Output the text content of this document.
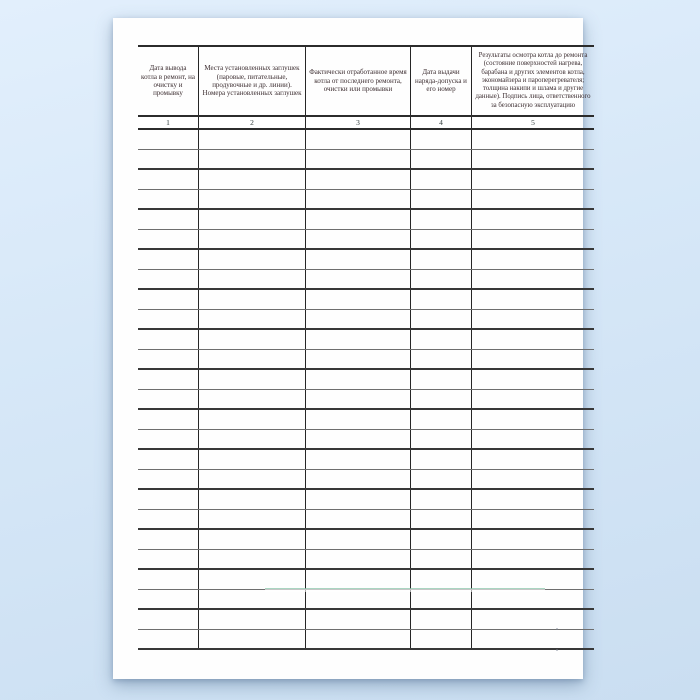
Дата вывода котла в ремонт, на очистку и промывку	Места установленных заглушек (паровые, питательные, продувочные и др. линии). Номера установленных заглушек	Фактически отработанное время котла от последнего ремонта, очистки или промывки	Дата выдачи наряда-допуска и его номер	Результаты осмотра котла до ремонта (состояние поверхностей нагрева, барабана и других элементов котла, экономайзера и пароперегревателя; толщина накипи и шлама и другие данные). Подпись лица, ответственного за безопасную эксплуатацию
1	2	3	4	5
